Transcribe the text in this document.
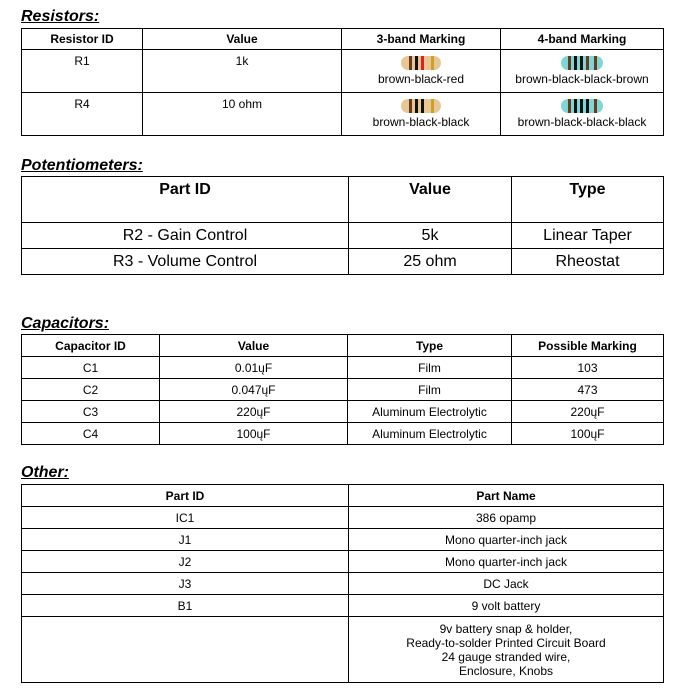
Resistors:
Resistor ID	Value	3-band Marking	4-band Marking
R1	1k	brown-black-red	brown-black-black-brown

R4	10 ohm	brown-black-black	brown-black-black-black
Potentiometers:
Part ID	Value	Type
R2 - Gain Control	5k	Linear Taper
R3 - Volume Control	25 ohm	Rheostat
Capacitors:
Capacitor ID	Value	Type	Possible Marking
C1	0.01ųF	Film	103
C2	0.047ųF	Film	473
C3	220ųF	Aluminum Electrolytic	220ųF
C4	100ųF	Aluminum Electrolytic	100ųF
Other:
Part ID	Part Name
IC1	386 opamp
J1	Mono quarter-inch jack
J2	Mono quarter-inch jack
J3	DC Jack
B1	9 volt battery

	9v battery snap & holder,
Ready-to-solder Printed Circuit Board
24 gauge stranded wire,
Enclosure, Knobs
